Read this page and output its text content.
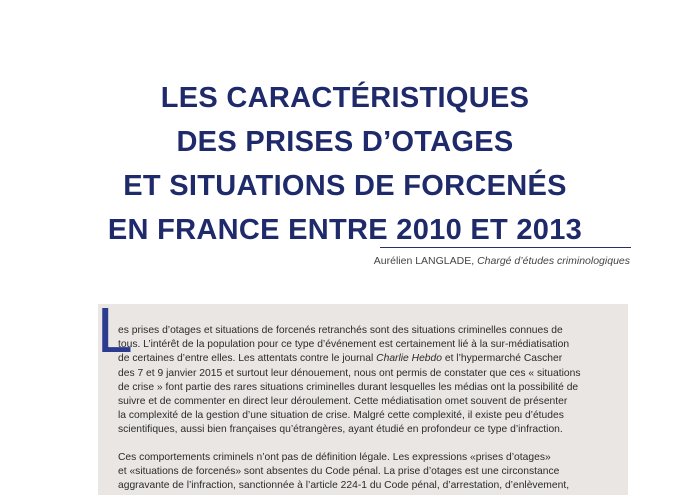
LES CARACTÉRISTIQUES
DES PRISES D’OTAGES
ET SITUATIONS DE FORCENÉS
EN FRANCE ENTRE 2010 ET 2013
Aurélien LANGLADE, Chargé d’études criminologiques
L
es prises d’otages et situations de forcenés retranchés sont des situations criminelles connues de
tous. L’intérêt de la population pour ce type d’événement est certainement lié à la sur-médiatisation
de certaines d’entre elles. Les attentats contre le journal Charlie Hebdo et l’hypermarché Cascher
des 7 et 9 janvier 2015 et surtout leur dénouement, nous ont permis de constater que ces « situations
de crise » font partie des rares situations criminelles durant lesquelles les médias ont la possibilité de
suivre et de commenter en direct leur déroulement. Cette médiatisation omet souvent de présenter
la complexité de la gestion d’une situation de crise. Malgré cette complexité, il existe peu d’études
scientifiques, aussi bien françaises qu’étrangères, ayant étudié en profondeur ce type d’infraction.
Ces comportements criminels n’ont pas de définition légale. Les expressions «prises d’otages»
et «situations de forcenés» sont absentes du Code pénal. La prise d’otages est une circonstance
aggravante de l’infraction, sanctionnée à l’article 224-1 du Code pénal, d’arrestation, d’enlèvement,
